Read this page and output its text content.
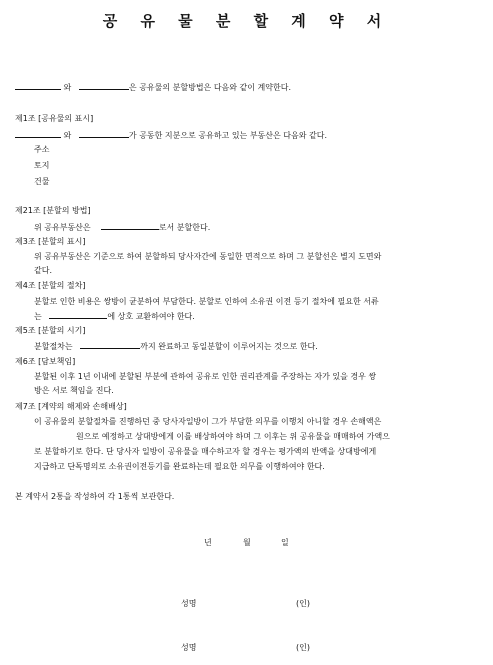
공 유 물 분 할 계 약 서
와	은 공유물의 분할방법은 다음와 같이 계약한다.
제1조 [공유물의 표시]
와	가 공동한 지분으로 공유하고 있는 부동산은 다음와 같다.
주소
토지
건물
제21조 [분할의 방법]
위 공유부동산은	로서 분할한다.
제3조 [분할의 표시]
위 공유부동산은 기준으로 하여 분할하되 당사자간에 동일한 면적으로 하며 그 분할선은 별지 도면와
같다.
제4조 [분할의 절차]
분할로 인한 비용은 쌍방이 균분하여 부담한다. 분할로 인하여 소유권 이전 등기 절차에 필요한 서류
는	에 상호 교환하여야 한다.
제5조 [분할의 시기]
분할절차는	까지 완료하고 동일분할이 이루어지는 것으로 한다.
제6조 [담보책임]
분할된 이후 1년 이내에 분할된 부분에 관하여 공유로 인한 권리관계를 주장하는 자가 있을 경우 쌍
방은 서로 책임을 진다.
제7조 [계약의 해제와 손해배상]
이 공유물의 분할절차를 진행하던 중 당사자일방이 그가 부담한 의무를 이행치 아니할 경우 손해액은
원으로 예정하고 상대방에게 이를 배상하여야 하며 그 이후는 위 공유물을 매매하여 가액으
로 분할하기로 한다. 단 당사자 일방이 공유물을 매수하고자 할 경우는 평가액의 반액을 상대방에게
지급하고 단독명의로 소유권이전등기를 완료하는데 필요한 의무를 이행하여야 한다.
본 계약서 2통을 작성하여 각 1통씩 보관한다.
년	월	일
성명	(인)
성명	(인)
